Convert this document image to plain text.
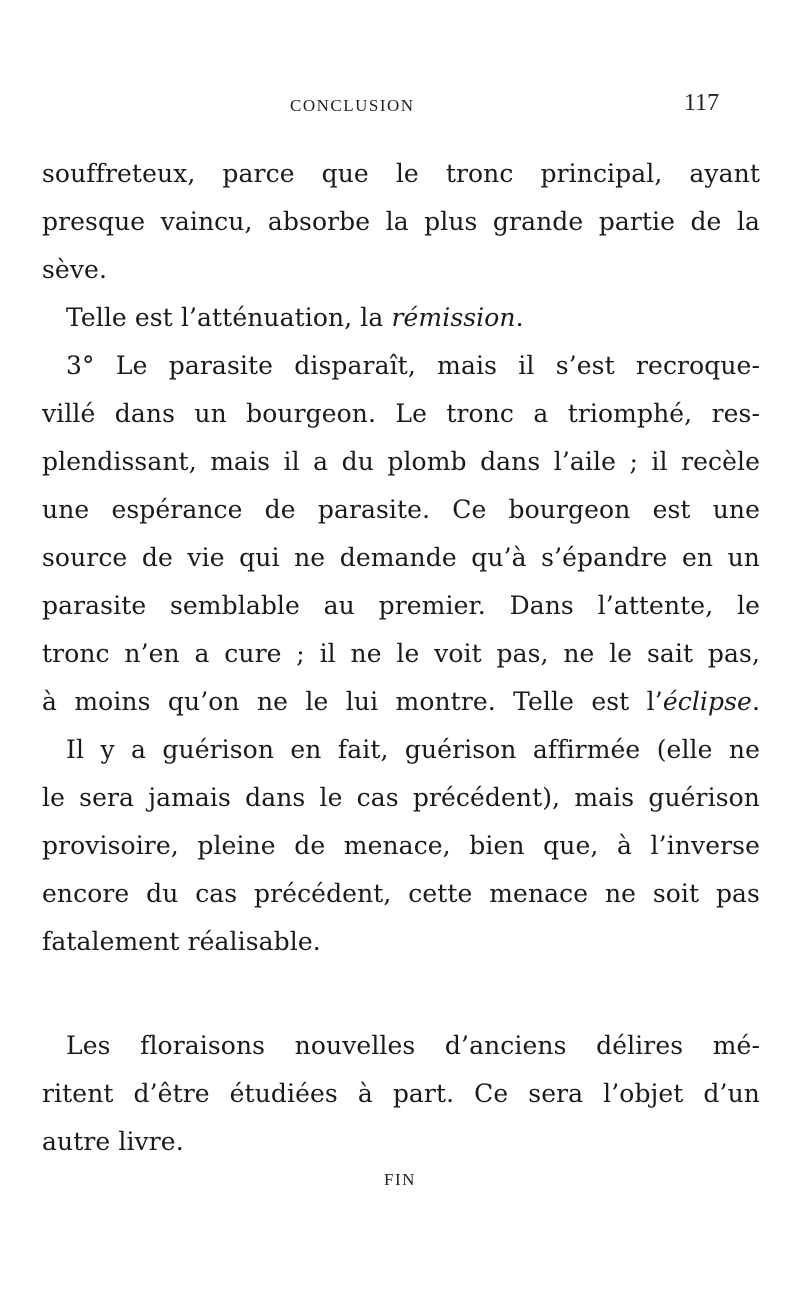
CONCLUSION	117
souffreteux, parce que le tronc principal, ayant
presque vaincu, absorbe la plus grande partie de la
sève.
Telle est l’atténuation, la rémission.
3° Le parasite disparaît, mais il s’est recroque-
villé dans un bourgeon. Le tronc a triomphé, res-
plendissant, mais il a du plomb dans l’aile ; il recèle
une espérance de parasite. Ce bourgeon est une
source de vie qui ne demande qu’à s’épandre en un
parasite semblable au premier. Dans l’attente, le
tronc n’en a cure ; il ne le voit pas, ne le sait pas,
à moins qu’on ne le lui montre. Telle est l’éclipse.
Il y a guérison en fait, guérison affirmée (elle ne
le sera jamais dans le cas précédent), mais guérison
provisoire, pleine de menace, bien que, à l’inverse
encore du cas précédent, cette menace ne soit pas
fatalement réalisable.
Les floraisons nouvelles d’anciens délires mé-
ritent d’être étudiées à part. Ce sera l’objet d’un
autre livre.
FIN
